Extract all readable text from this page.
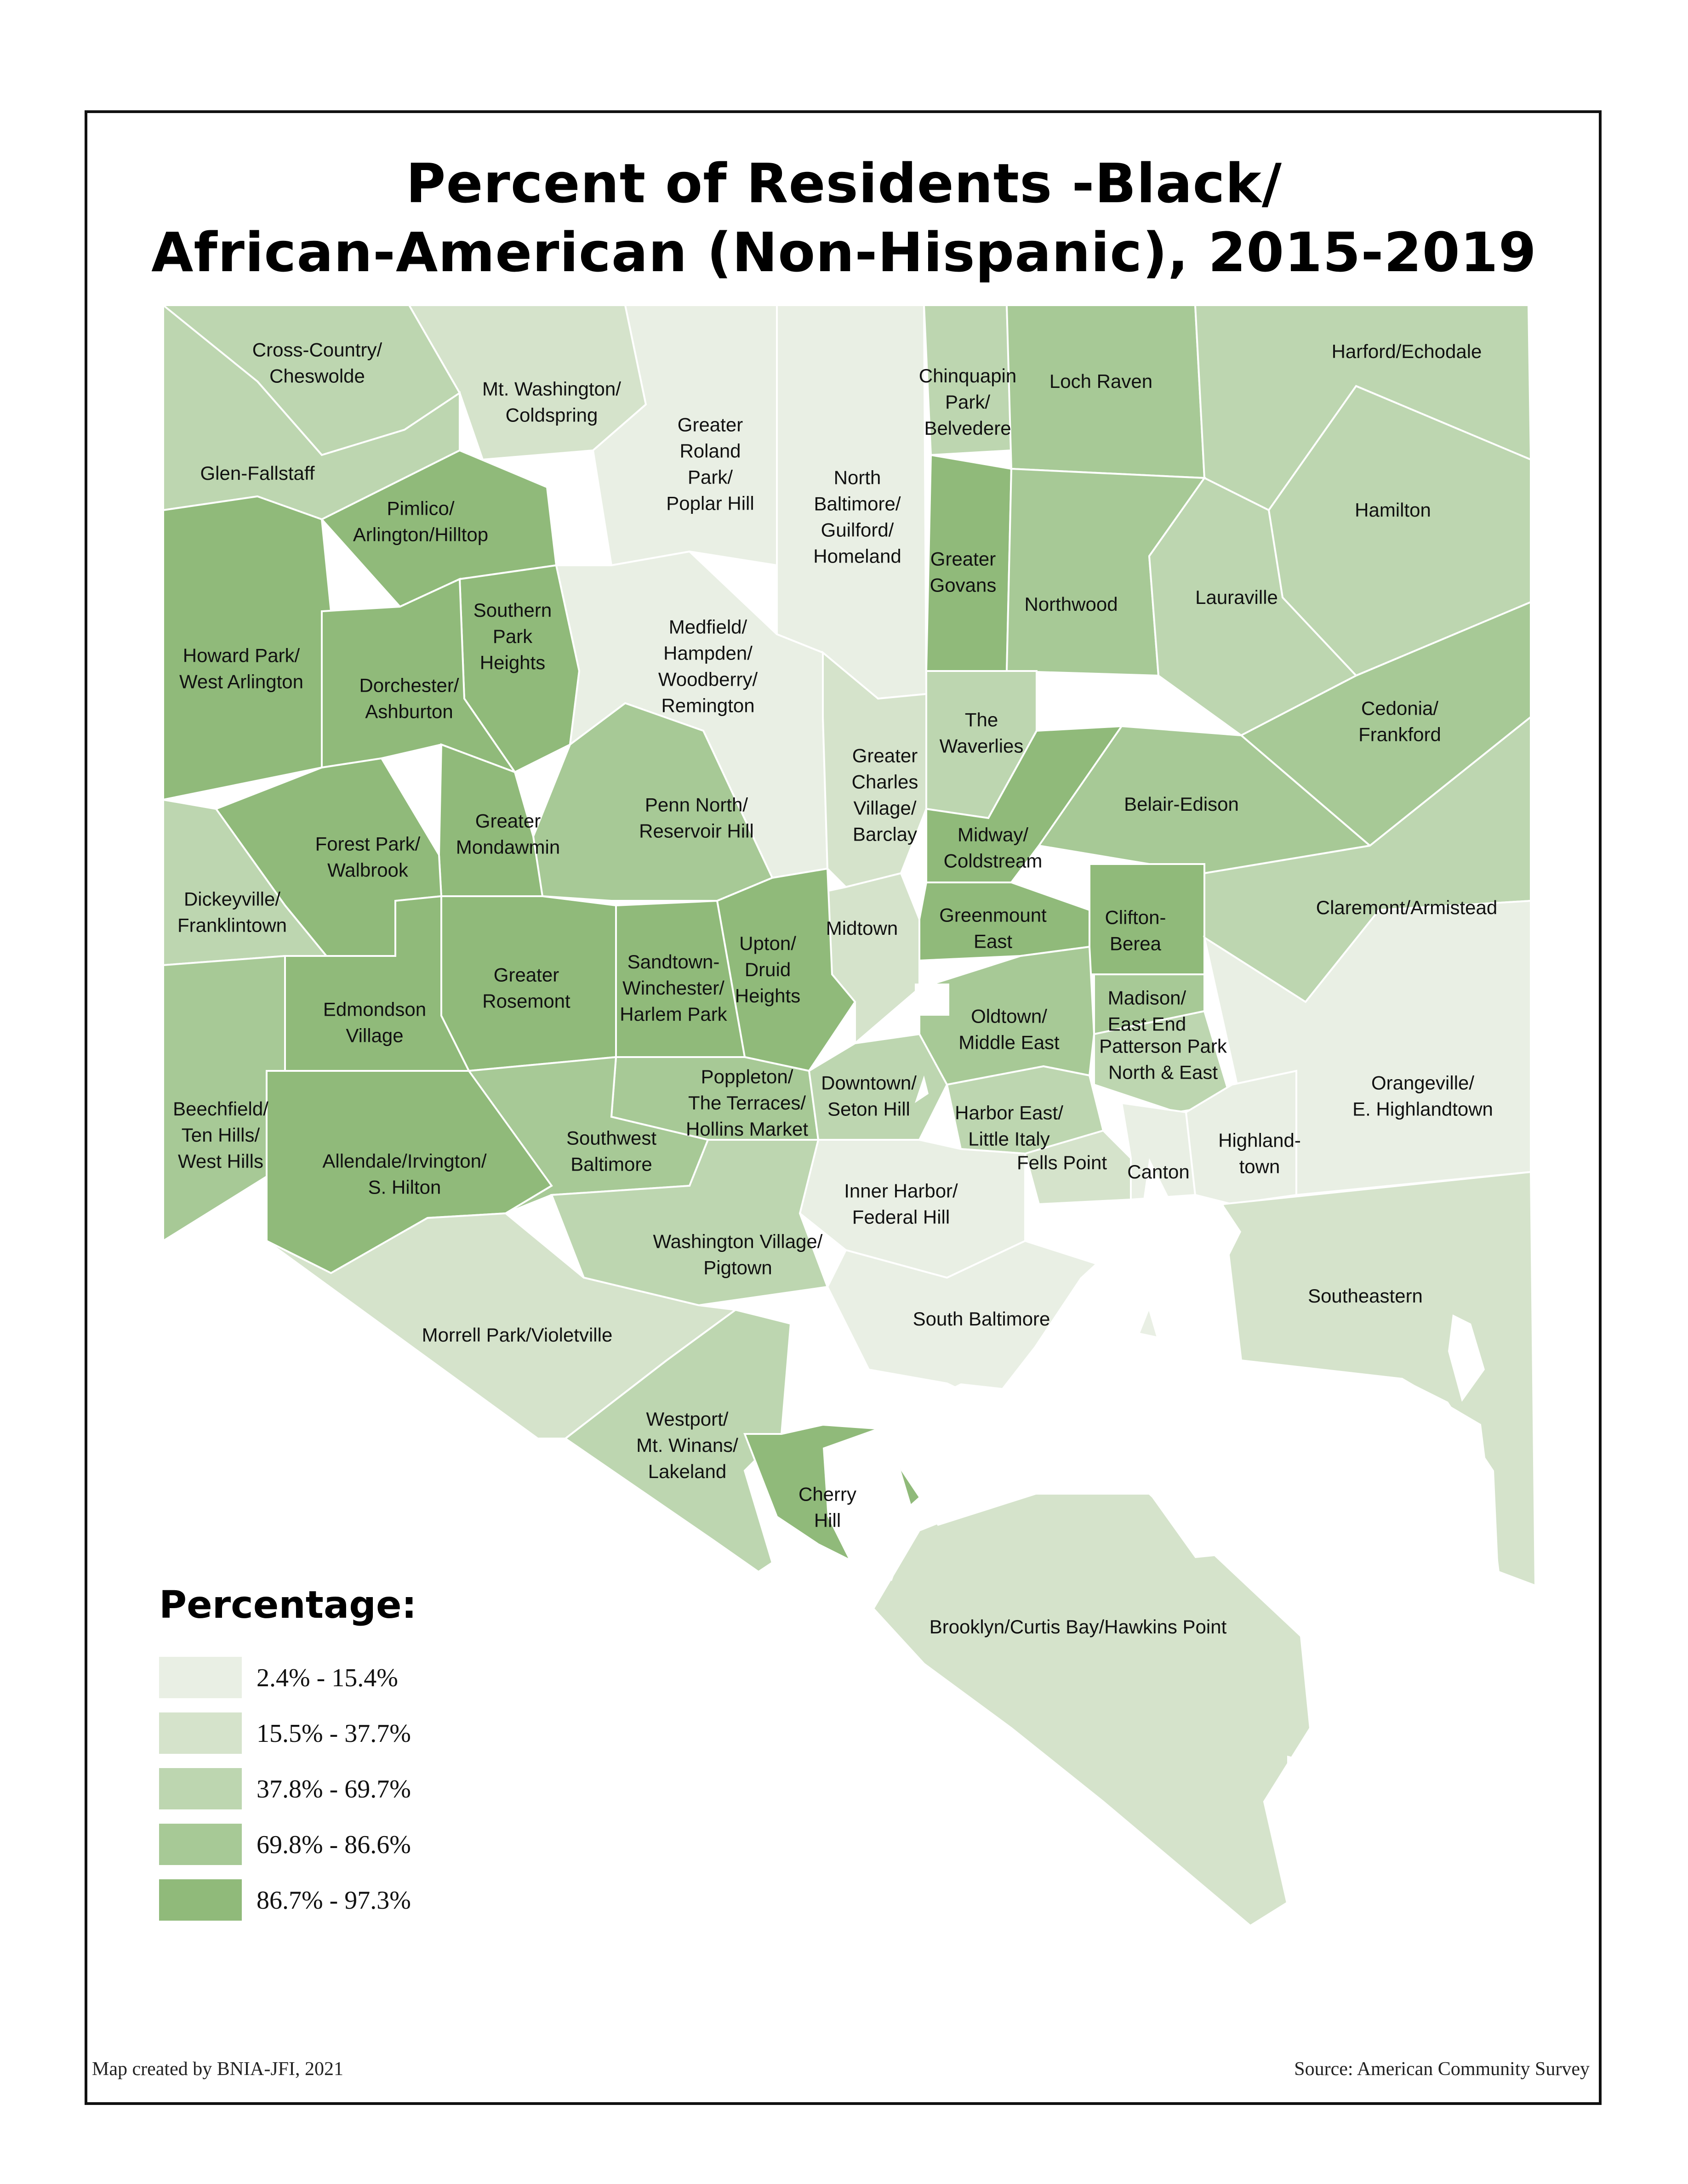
Percent of Residents -Black/
African-American (Non-Hispanic), 2015-2019
Cross-Country/ Cheswolde
Mt. Washington/ Coldspring	Greater Roland Park/ Poplar Hill
North Baltimore/ Guilford/ Homeland
Chinquapin Park/ Belvedere
Loch Raven
Harford/Echodale
Glen-Fallstaff
Pimlico/ Arlington/Hilltop
Hamilton
Greater Govans
Northwood	Lauraville
Southern Park Heights
Medfield/ Hampden/ Woodberry/ Remington
Howard Park/ West Arlington	Dorchester/ Ashburton	The Waverlies
Cedonia/ Frankford
Greater Charles Village/ Barclay
Penn North/ Reservoir Hill
Belair-Edison
Greater Mondawmin
Midway/ Coldstream
Forest Park/ Walbrook
Dickeyville/ Franklintown
Claremont/Armistead
Greenmount East
Clifton-Berea
Midtown
Upton/ Druid Heights
Sandtown-Winchester/ Harlem Park
Greater Rosemont
Edmondson Village
Madison/ East End
Oldtown/ Middle East Patterson Park North & East	Orangeville/ E. Highlandtown
Beechfield/ Ten Hills/ West Hills
Poppleton/ The Terraces/ Hollins Market
Downtown/ Seton Hill	Harbor East/ Little Italy
Fells Point Canton
Highland-town
Allendale/Irvington/ S. Hilton
Southwest Baltimore
Inner Harbor/ Federal Hill
Washington Village/ Pigtown
Southeastern
South Baltimore
Morrell Park/Violetville
Westport/ Mt. Winans/ Lakeland
Cherry Hill
Brooklyn/Curtis Bay/Hawkins Point
Percentage:
2.4% - 15.4%
15.5% - 37.7%
37.8% - 69.7%
69.8% - 86.6%
86.7% - 97.3%
Map created by BNIA-JFI, 2021	Source: American Community Survey
